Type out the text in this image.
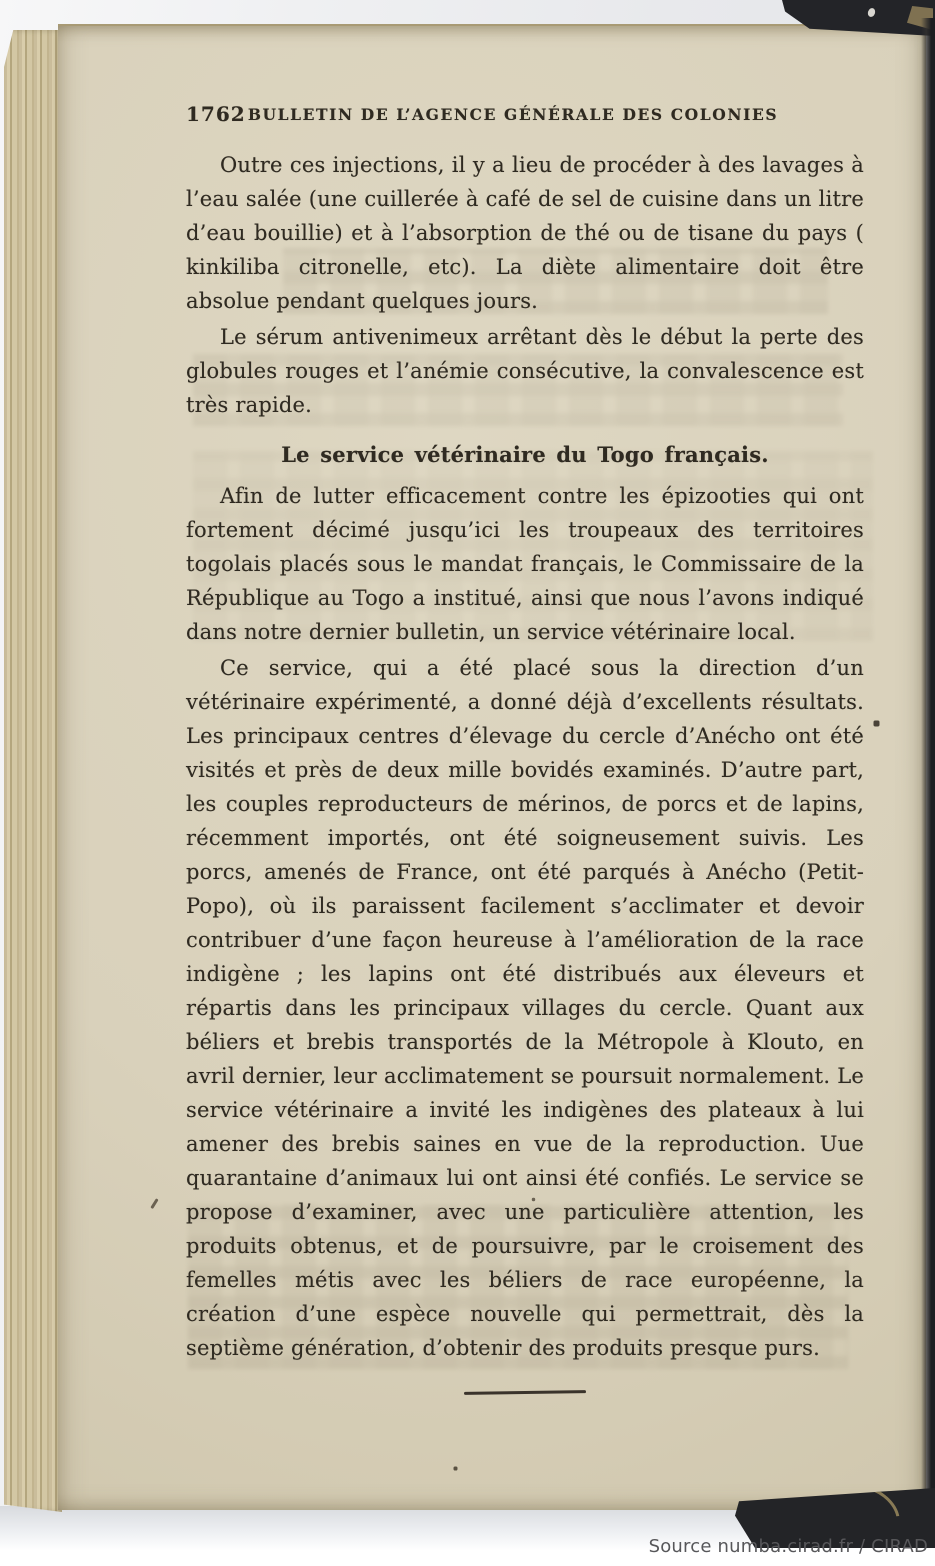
1762 BULLETIN DE L’AGENCE GÉNÉRALE DES COLONIES

Outre ces injections, il y a lieu de procéder à des lavages à l’eau salée (une cuillerée à café de sel de cuisine dans un litre d’eau bouillie) et à l’absorption de thé ou de tisane du pays ( kinkiliba citronelle, etc). La diète alimentaire doit être absolue pendant quelques jours.

Le sérum antivenimeux arrêtant dès le début la perte des globules rouges et l’anémie consécutive, la convalescence est très rapide.

Le service vétérinaire du Togo français.

Afin de lutter efficacement contre les épizooties qui ont fortement décimé jusqu’ici les troupeaux des territoires togolais placés sous le mandat français, le Commissaire de la République au Togo a institué, ainsi que nous l’avons indiqué dans notre dernier bulletin, un service vétérinaire local.

Ce service, qui a été placé sous la direction d’un vétérinaire expérimenté, a donné déjà d’excellents résultats. Les principaux centres d’élevage du cercle d’Anécho ont été visités et près de deux mille bovidés examinés. D’autre part, les couples reproducteurs de mérinos, de porcs et de lapins, récemment importés, ont été soigneusement suivis. Les porcs, amenés de France, ont été parqués à Anécho (Petit-Popo), où ils paraissent facilement s’acclimater et devoir contribuer d’une façon heureuse à l’amélioration de la race indigène ; les lapins ont été distribués aux éleveurs et répartis dans les principaux villages du cercle. Quant aux béliers et brebis transportés de la Métropole à Klouto, en avril dernier, leur acclimatement se poursuit normalement. Le service vétérinaire a invité les indigènes des plateaux à lui amener des brebis saines en vue de la reproduction. Uue quarantaine d’animaux lui ont ainsi été confiés. Le service se propose d’examiner, avec une particulière attention, les produits obtenus, et de poursuivre, par le croisement des femelles métis avec les béliers de race européenne, la création d’une espèce nouvelle qui permettrait, dès la septième génération, d’obtenir des produits presque purs.

Source numba.cirad.fr / CIRAD
